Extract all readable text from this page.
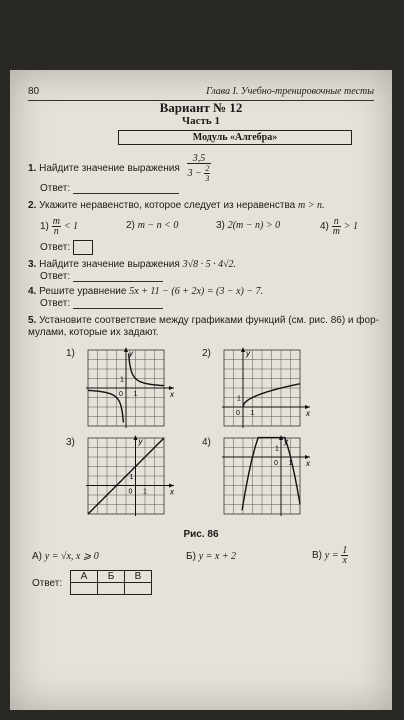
80	Глава I. Учебно-тренировочные тесты
Вариант № 12
Часть 1
Модуль «Алгебра»
1. Найдите значение выражения $\frac{3,5}{3 - \frac{2}{3}}$
Ответ:
2. Укажите неравенство, которое следует из неравенства m > n.
$1) \frac{m}{n} < 1$	2) m − n < 0	3) 2(m − n) > 0	$4) \frac{n}{m} > 1$
Ответ:
3. Найдите значение выражения 3√8 · 5 · 4√2.
Ответ:
4. Решите уравнение 5x + 11 − (6 + 2x) = (3 − x) − 7.
Ответ:
5. Установите соответствие между графиками функций (см. рис. 86) и фор-
мулами, которые их задают.
1)	2)
3)	4)
x
y
0 1
1
x
y
0 1
1
x
y
0 1
1
x
y
0 1
1
Рис. 86
А) y = √x, x ⩾ 0	Б) y = x + 2	В) $y = \frac{1}{x}$
Ответ:
А	Б	В
